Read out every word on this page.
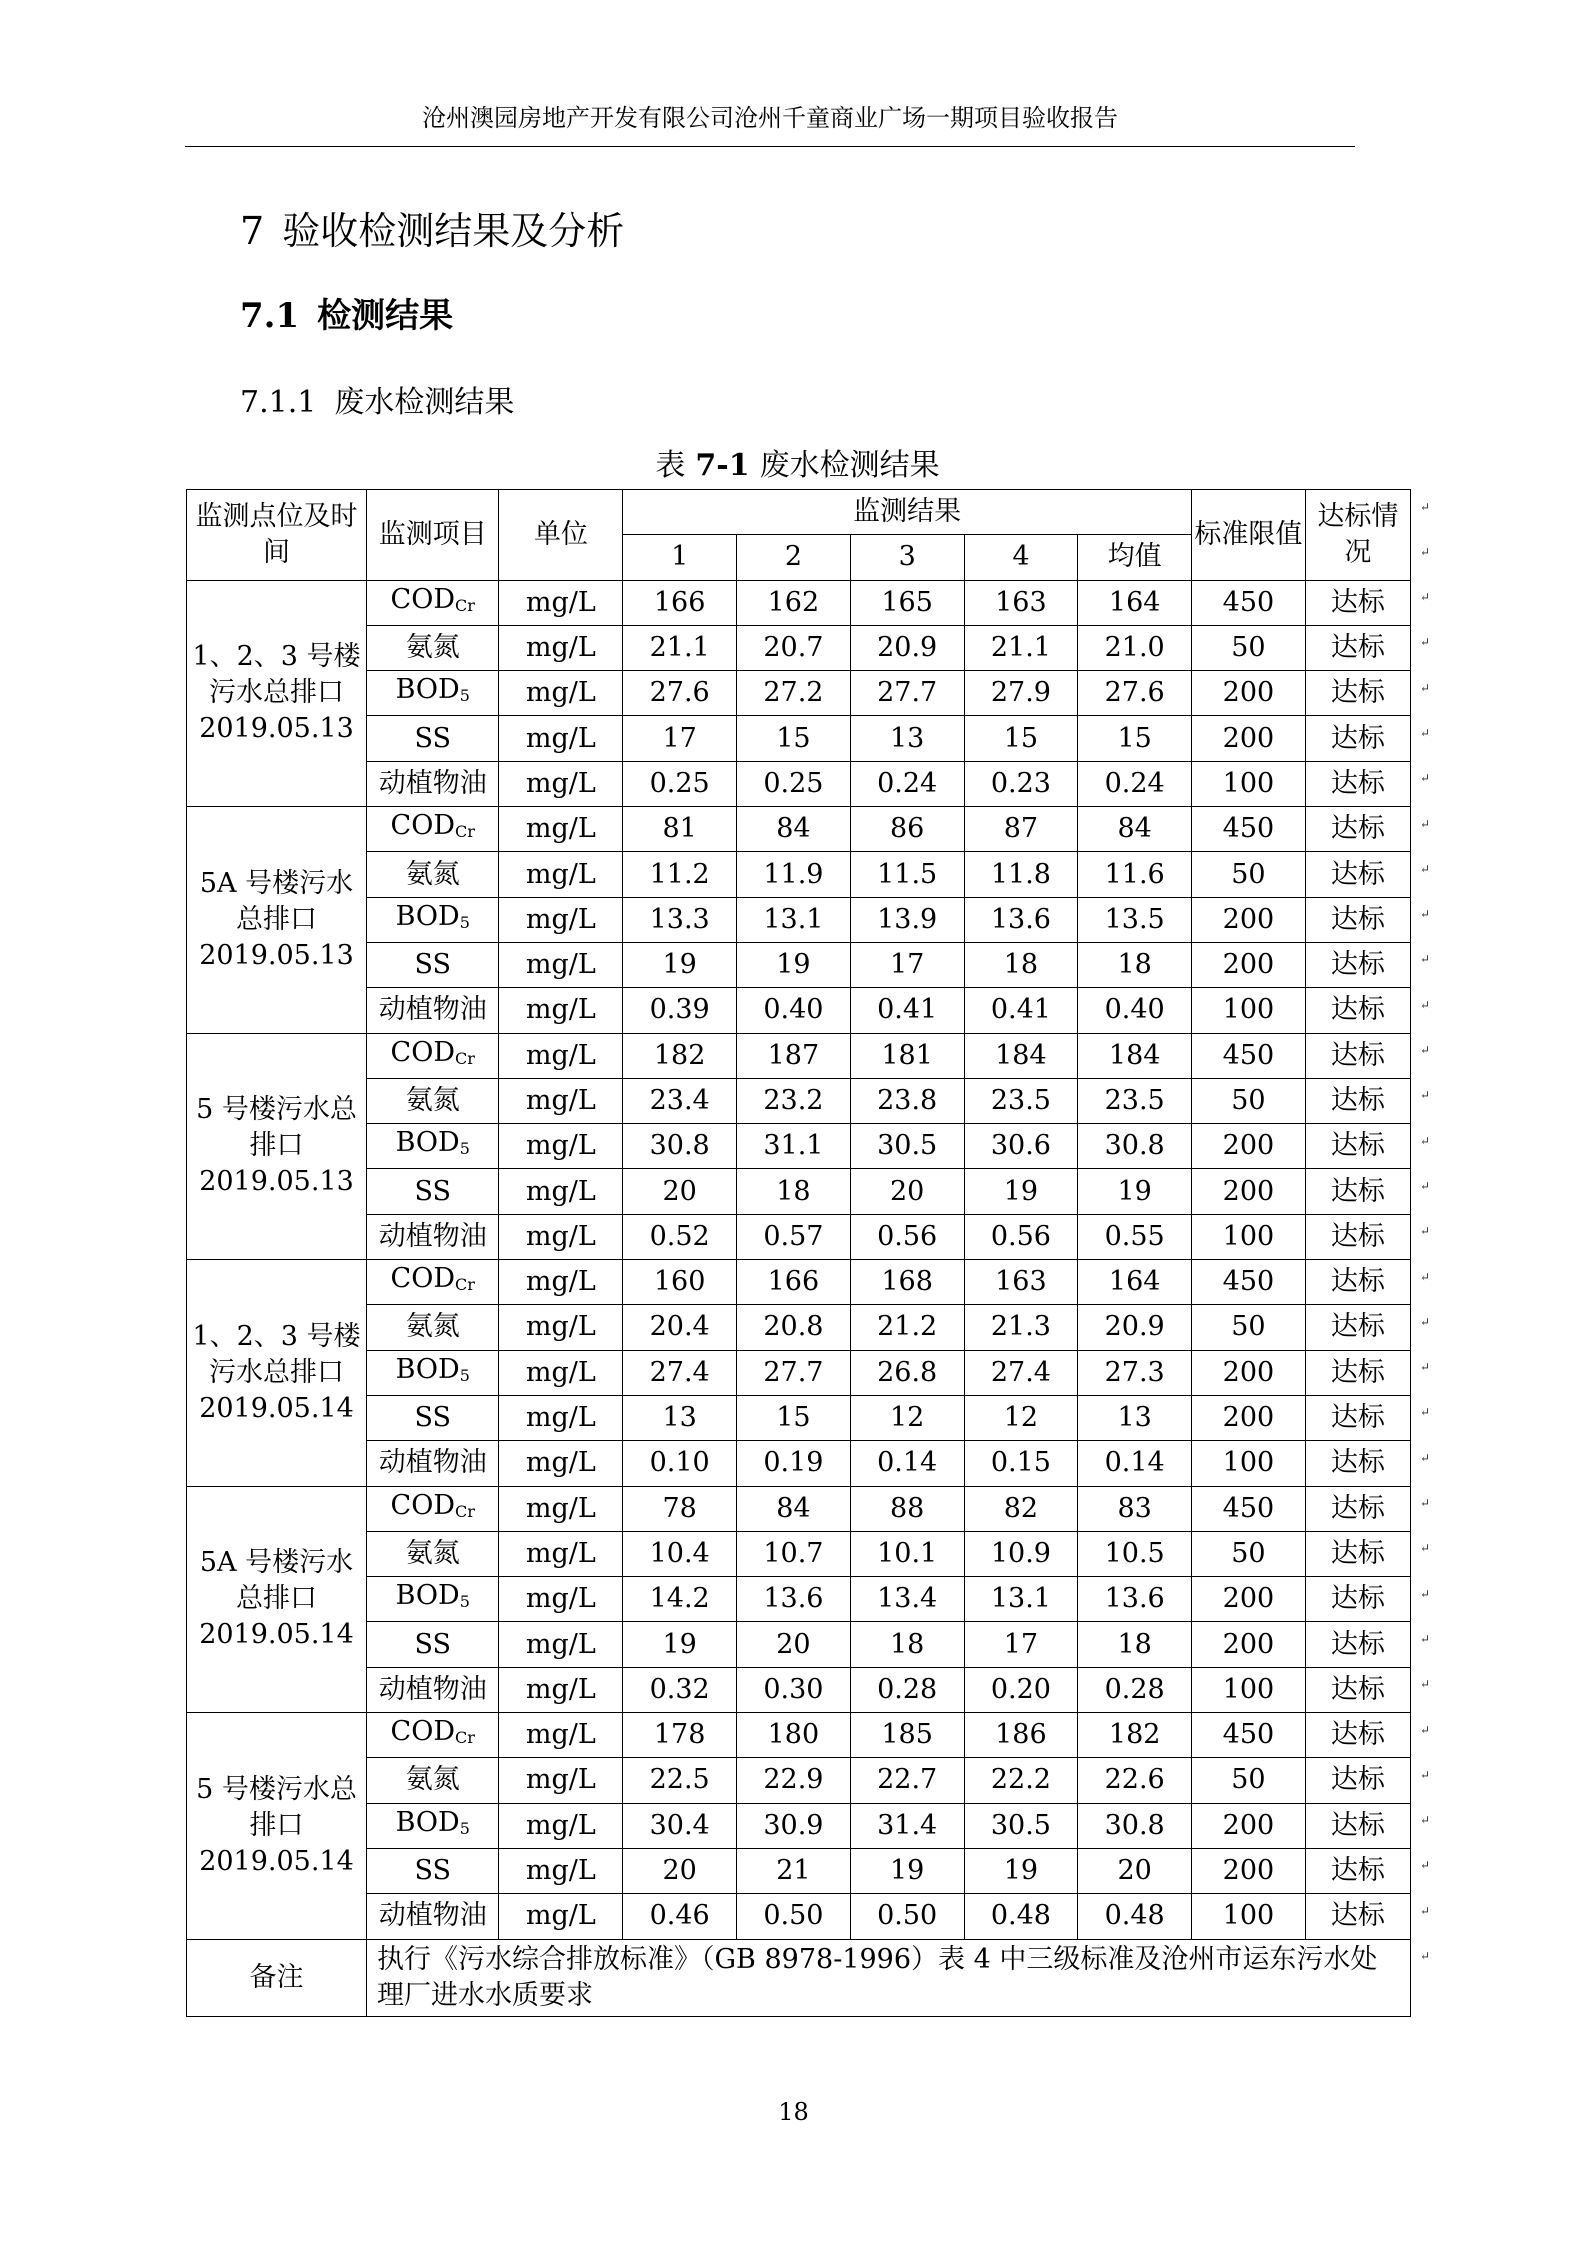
沧州澳园房地产开发有限公司沧州千童商业广场一期项目验收报告
7 验收检测结果及分析
7.1 检测结果
7.1.1 废水检测结果
表 7-1 废水检测结果
监测点位及时间	监测项目	单位	监测结果					标准限值	达标情况
			1	2	3	4	均值		
1、2、3 号楼污水总排口2019.05.13	$COD_{Cr}$	mg/L	166	162	165	163	164	450	达标
	氨氮	mg/L	21.1	20.7	20.9	21.1	21.0	50	达标
	$BOD_5$	mg/L	27.6	27.2	27.7	27.9	27.6	200	达标
	SS	mg/L	17	15	13	15	15	200	达标
	动植物油	mg/L	0.25	0.25	0.24	0.23	0.24	100	达标
5A 号楼污水总排口2019.05.13	$COD_{Cr}$	mg/L	81	84	86	87	84	450	达标
	氨氮	mg/L	11.2	11.9	11.5	11.8	11.6	50	达标
	$BOD_5$	mg/L	13.3	13.1	13.9	13.6	13.5	200	达标
	SS	mg/L	19	19	17	18	18	200	达标
	动植物油	mg/L	0.39	0.40	0.41	0.41	0.40	100	达标
5 号楼污水总排口2019.05.13	$COD_{Cr}$	mg/L	182	187	181	184	184	450	达标
	氨氮	mg/L	23.4	23.2	23.8	23.5	23.5	50	达标
	$BOD_5$	mg/L	30.8	31.1	30.5	30.6	30.8	200	达标
	SS	mg/L	20	18	20	19	19	200	达标
	动植物油	mg/L	0.52	0.57	0.56	0.56	0.55	100	达标
1、2、3 号楼污水总排口2019.05.14	$COD_{Cr}$	mg/L	160	166	168	163	164	450	达标
	氨氮	mg/L	20.4	20.8	21.2	21.3	20.9	50	达标
	$BOD_5$	mg/L	27.4	27.7	26.8	27.4	27.3	200	达标
	SS	mg/L	13	15	12	12	13	200	达标
	动植物油	mg/L	0.10	0.19	0.14	0.15	0.14	100	达标
5A 号楼污水总排口2019.05.14	$COD_{Cr}$	mg/L	78	84	88	82	83	450	达标
	氨氮	mg/L	10.4	10.7	10.1	10.9	10.5	50	达标
	$BOD_5$	mg/L	14.2	13.6	13.4	13.1	13.6	200	达标
	SS	mg/L	19	20	18	17	18	200	达标
	动植物油	mg/L	0.32	0.30	0.28	0.20	0.28	100	达标
5 号楼污水总排口2019.05.14	$COD_{Cr}$	mg/L	178	180	185	186	182	450	达标
	氨氮	mg/L	22.5	22.9	22.7	22.2	22.6	50	达标
	$BOD_5$	mg/L	30.4	30.9	31.4	30.5	30.8	200	达标
	SS	mg/L	20	21	19	19	20	200	达标
	动植物油	mg/L	0.46	0.50	0.50	0.48	0.48	100	达标
备注	执行《污水综合排放标准》（GB 8978-1996）表 4 中三级标准及沧州市运东污水处理厂进水水质要求								
18
↵
↵
↵
↵
↵
↵
↵
↵
↵
↵
↵
↵
↵
↵
↵
↵
↵
↵
↵
↵
↵
↵
↵
↵
↵
↵
↵
↵
↵
↵
↵
↵
↵
